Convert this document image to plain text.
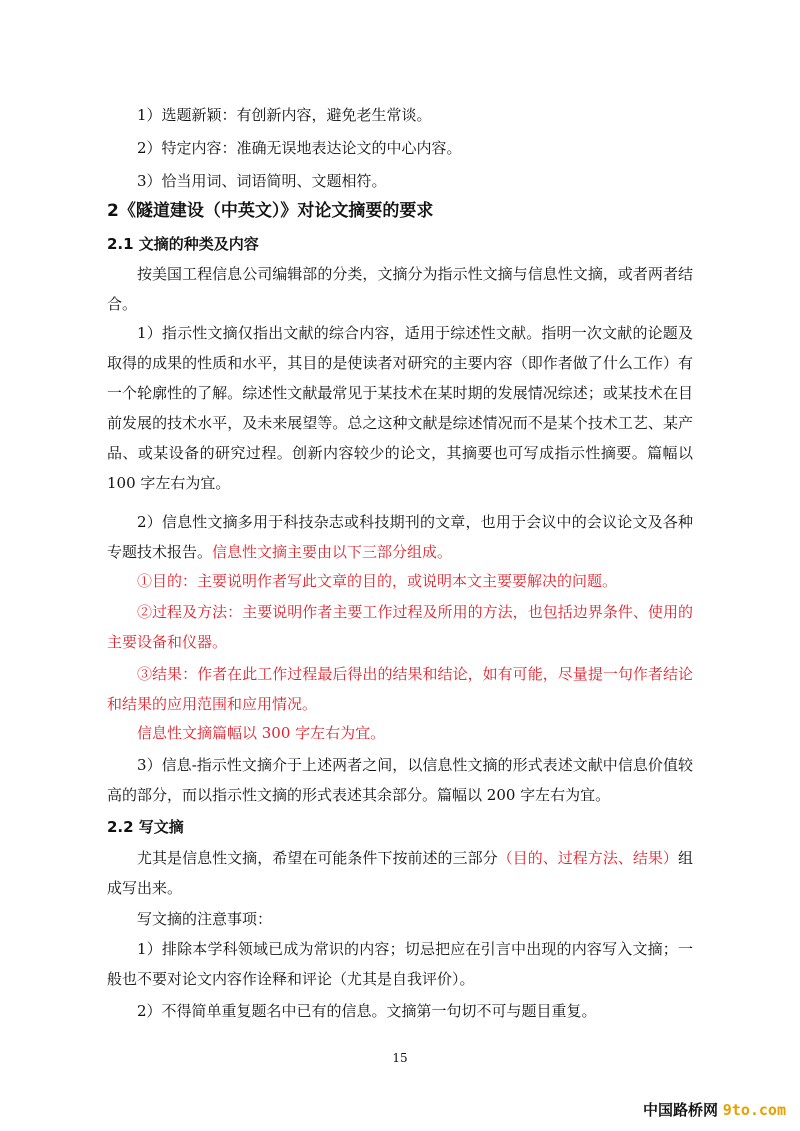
1）选题新颖：有创新内容，避免老生常谈。

2）特定内容：准确无误地表达论文的中心内容。

3）恰当用词、词语简明、文题相符。

2《隧道建设（中英文）》对论文摘要的要求
2.1 文摘的种类及内容

按美国工程信息公司编辑部的分类，文摘分为指示性文摘与信息性文摘，或者两者结合。

1）指示性文摘仅指出文献的综合内容，适用于综述性文献。指明一次文献的论题及取得的成果的性质和水平，其目的是使读者对研究的主要内容（即作者做了什么工作）有一个轮廓性的了解。综述性文献最常见于某技术在某时期的发展情况综述；或某技术在目前发展的技术水平，及未来展望等。总之这种文献是综述情况而不是某个技术工艺、某产品、或某设备的研究过程。创新内容较少的论文，其摘要也可写成指示性摘要。篇幅以 100 字左右为宜。

2）信息性文摘多用于科技杂志或科技期刊的文章，也用于会议中的会议论文及各种专题技术报告。信息性文摘主要由以下三部分组成。

①目的：主要说明作者写此文章的目的，或说明本文主要要解决的问题。

②过程及方法：主要说明作者主要工作过程及所用的方法，也包括边界条件、使用的主要设备和仪器。

③结果：作者在此工作过程最后得出的结果和结论，如有可能，尽量提一句作者结论和结果的应用范围和应用情况。

信息性文摘篇幅以 300 字左右为宜。

3）信息-指示性文摘介于上述两者之间，以信息性文摘的形式表述文献中信息价值较高的部分，而以指示性文摘的形式表述其余部分。篇幅以 200 字左右为宜。

2.2 写文摘

尤其是信息性文摘，希望在可能条件下按前述的三部分（目的、过程方法、结果）组成写出来。

写文摘的注意事项：

1）排除本学科领域已成为常识的内容；切忌把应在引言中出现的内容写入文摘；一般也不要对论文内容作诠释和评论（尤其是自我评价）。

2）不得简单重复题名中已有的信息。文摘第一句切不可与题目重复。

15
中国路桥网 9to.com
